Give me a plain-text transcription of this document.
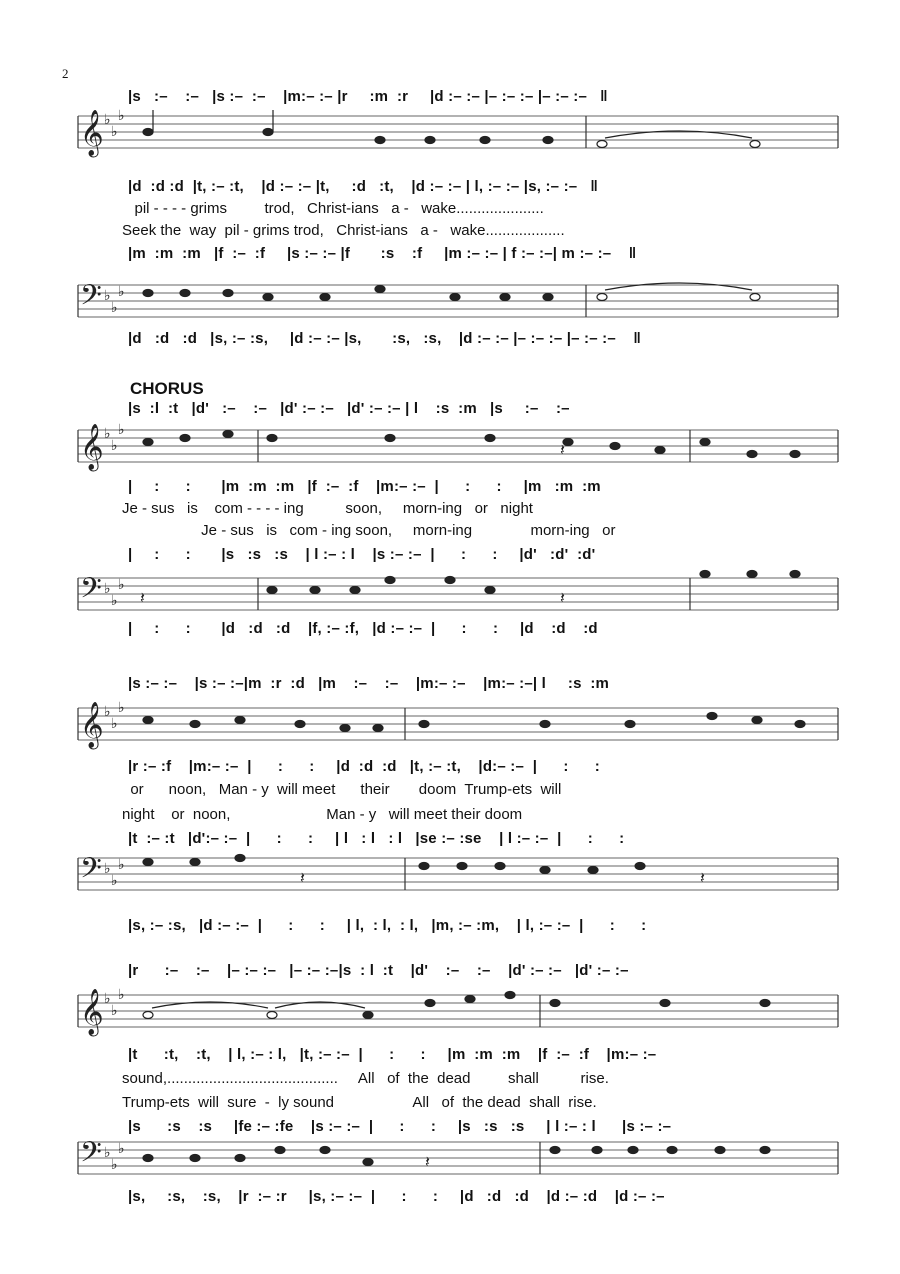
2
CHORUS
|s   :–    :–   |s :–  :–    |m:– :– |r     :m  :r     |d :– :– |– :– :– |– :– :–   ‖
|d  :d :d  |t, :– :t,    |d :– :– |t,     :d   :t,    |d :– :– | l, :– :– |s, :– :–   ‖
pil - - - - grims         trod,   Christ-ians   a -   wake.....................
Seek the  way  pil - grims trod,   Christ-ians   a -   wake...................
|m  :m  :m   |f  :–  :f     |s :– :– |f       :s    :f     |m :– :– | f :– :–| m :– :–    ‖
|d   :d   :d   |s, :– :s,     |d :– :– |s,       :s,   :s,    |d :– :– |– :– :– |– :– :–    ‖
|s  :l  :t   |d'   :–    :–   |d' :– :–   |d' :– :– | l    :s  :m   |s     :–    :–
|     :      :       |m  :m  :m   |f  :–  :f    |m:– :–  |      :      :     |m   :m  :m
Je - sus   is    com - - - - ing          soon,     morn-ing   or   night
Je - sus   is   com - ing soon,     morn-ing              morn-ing   or
|     :      :       |s   :s   :s    | l :– : l    |s :– :–  |      :      :     |d'   :d'  :d'
|     :      :       |d   :d   :d    |f, :– :f,   |d :– :–  |      :      :     |d    :d    :d
|s :– :–    |s :– :–|m  :r  :d   |m    :–    :–    |m:– :–    |m:– :–| l     :s  :m
|r :– :f    |m:– :–  |      :      :     |d  :d  :d   |t, :– :t,    |d:– :–  |      :      :
or      noon,   Man - y  will meet      their       doom  Trump-ets  will
night    or  noon,                       Man - y   will meet their doom
|t  :– :t   |d':– :–  |      :      :     | l   : l   : l   |se :– :se    | l :– :–  |      :      :
|s, :– :s,   |d :– :–  |      :      :     | l,  : l,  : l,   |m, :– :m,    | l, :– :–  |      :      :
|r      :–    :–    |– :– :–   |– :– :–|s  : l  :t    |d'    :–    :–    |d' :– :–   |d' :– :–
|t      :t,    :t,    | l, :– : l,   |t, :– :–  |      :      :     |m  :m  :m    |f  :–  :f    |m:– :–
sound,.........................................     All   of  the  dead         shall          rise.
Trump-ets  will  sure  -  ly sound                   All   of  the dead  shall  rise.
|s      :s    :s     |fe :– :fe    |s :– :–  |      :      :     |s   :s   :s     | l :– : l      |s :– :–
|s,     :s,    :s,    |r  :– :r     |s, :– :–  |      :      :     |d   :d   :d    |d :– :d    |d :– :–
𝄞
𝄢
𝄞
𝄢
𝄞
𝄢
𝄞
𝄢
♭
♭
♭
♭
♭
♭
♭
♭
♭
♭
♭
♭
♭
♭
♭
♭
♭
♭
♭
♭
♭
♭
♭
♭
𝄽
𝄽
𝄽	𝄽
𝄽
𝄽
